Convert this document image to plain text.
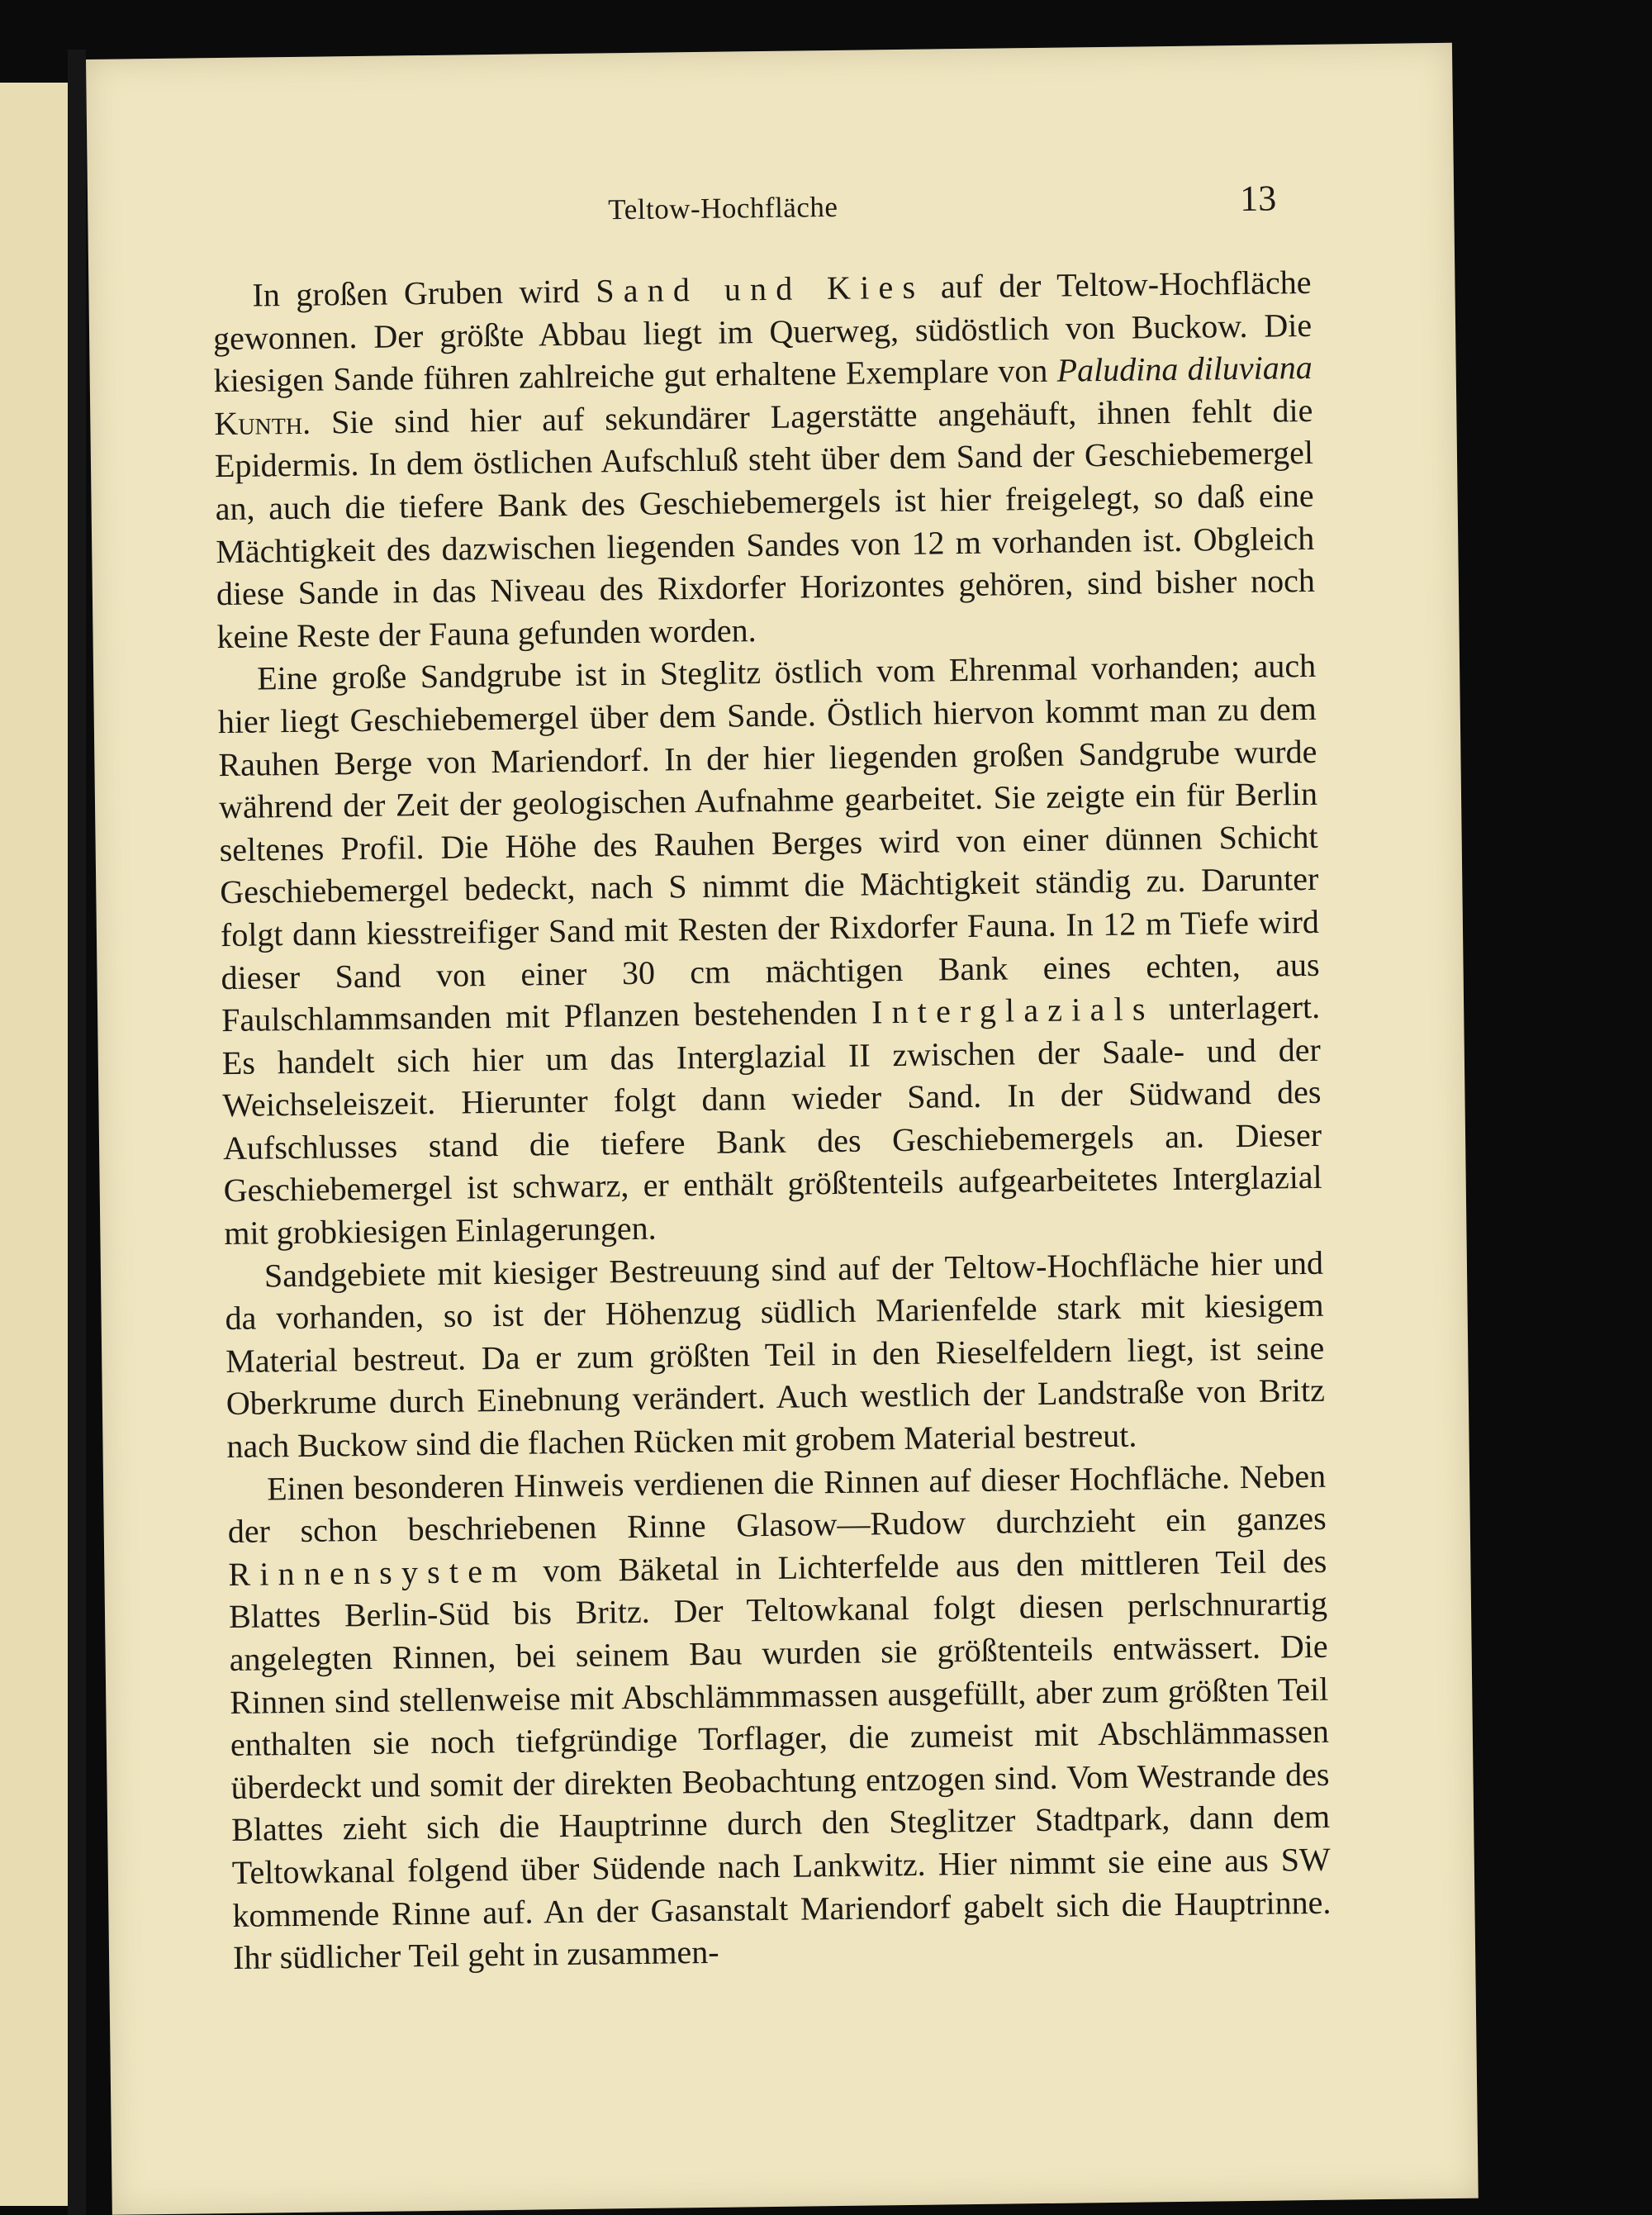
Teltow-Hochfläche	13

In großen Gruben wird Sand und Kies auf der Teltow-Hochfläche gewonnen. Der größte Abbau liegt im Querweg, südöstlich von Buckow. Die kiesigen Sande führen zahlreiche gut erhaltene Exemplare von Paludina diluviana Kunth. Sie sind hier auf sekundärer Lagerstätte angehäuft, ihnen fehlt die Epidermis. In dem östlichen Aufschluß steht über dem Sand der Geschiebemergel an, auch die tiefere Bank des Geschiebemergels ist hier freigelegt, so daß eine Mächtigkeit des dazwischen liegenden Sandes von 12 m vorhanden ist. Obgleich diese Sande in das Niveau des Rixdorfer Horizontes gehören, sind bisher noch keine Reste der Fauna gefunden worden.

Eine große Sandgrube ist in Steglitz östlich vom Ehrenmal vorhanden; auch hier liegt Geschiebemergel über dem Sande. Östlich hiervon kommt man zu dem Rauhen Berge von Mariendorf. In der hier liegenden großen Sandgrube wurde während der Zeit der geologischen Aufnahme gearbeitet. Sie zeigte ein für Berlin seltenes Profil. Die Höhe des Rauhen Berges wird von einer dünnen Schicht Geschiebemergel bedeckt, nach S nimmt die Mächtigkeit ständig zu. Darunter folgt dann kiesstreifiger Sand mit Resten der Rixdorfer Fauna. In 12 m Tiefe wird dieser Sand von einer 30 cm mächtigen Bank eines echten, aus Faulschlammsanden mit Pflanzen bestehenden Interglazials unterlagert. Es handelt sich hier um das Interglazial II zwischen der Saale- und der Weichseleiszeit. Hierunter folgt dann wieder Sand. In der Südwand des Aufschlusses stand die tiefere Bank des Geschiebemergels an. Dieser Geschiebemergel ist schwarz, er enthält größtenteils aufgearbeitetes Interglazial mit grobkiesigen Einlagerungen.

Sandgebiete mit kiesiger Bestreuung sind auf der Teltow-Hochfläche hier und da vorhanden, so ist der Höhenzug südlich Marienfelde stark mit kiesigem Material bestreut. Da er zum größten Teil in den Rieselfeldern liegt, ist seine Oberkrume durch Einebnung verändert. Auch westlich der Landstraße von Britz nach Buckow sind die flachen Rücken mit grobem Material bestreut.

Einen besonderen Hinweis verdienen die Rinnen auf dieser Hochfläche. Neben der schon beschriebenen Rinne Glasow—Rudow durchzieht ein ganzes Rinnensystem vom Bäketal in Lichterfelde aus den mittleren Teil des Blattes Berlin-Süd bis Britz. Der Teltowkanal folgt diesen perlschnurartig angelegten Rinnen, bei seinem Bau wurden sie größtenteils entwässert. Die Rinnen sind stellenweise mit Abschlämmmassen ausgefüllt, aber zum größten Teil enthalten sie noch tiefgründige Torflager, die zumeist mit Abschlämmassen überdeckt und somit der direkten Beobachtung entzogen sind. Vom Westrande des Blattes zieht sich die Hauptrinne durch den Steglitzer Stadtpark, dann dem Teltowkanal folgend über Südende nach Lankwitz. Hier nimmt sie eine aus SW kommende Rinne auf. An der Gasanstalt Mariendorf gabelt sich die Hauptrinne. Ihr südlicher Teil geht in zusammen-
